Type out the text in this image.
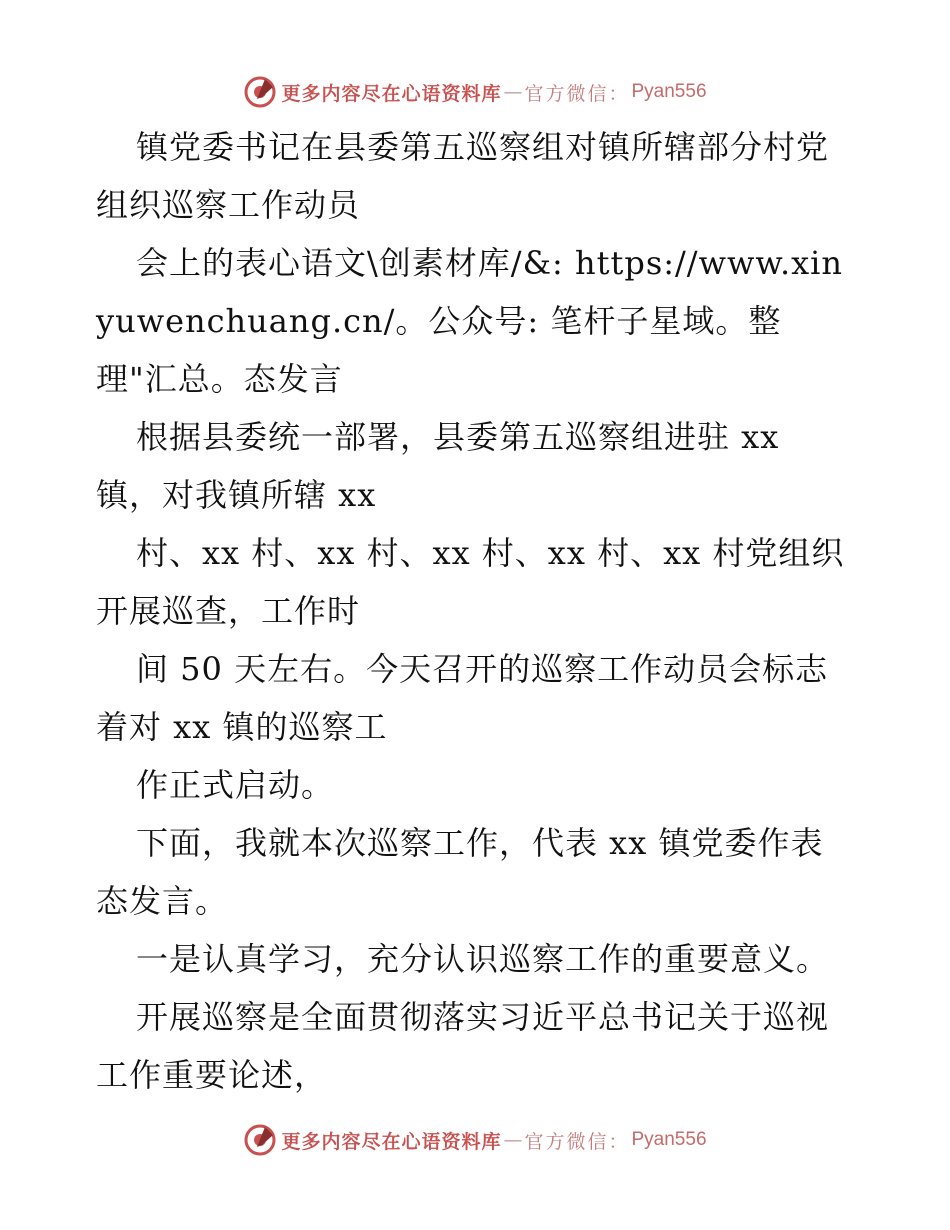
更多内容尽在心语资料库 — 官方微信： Pyan556

镇党委书记在县委第五巡察组对镇所辖部分村党组织巡察工作动员

会上的表心语文\创素材库/&: https://www.xinyuwenchuang.cn/。公众号: 笔杆子星域。整理"汇总。态发言

根据县委统一部署，县委第五巡察组进驻 xx 镇，对我镇所辖 xx

村、xx 村、xx 村、xx 村、xx 村、xx 村党组织开展巡查，工作时

间 50 天左右。今天召开的巡察工作动员会标志着对 xx 镇的巡察工

作正式启动。

下面，我就本次巡察工作，代表 xx 镇党委作表态发言。

一是认真学习，充分认识巡察工作的重要意义。

开展巡察是全面贯彻落实习近平总书记关于巡视工作重要论述，

更多内容尽在心语资料库 — 官方微信： Pyan556
